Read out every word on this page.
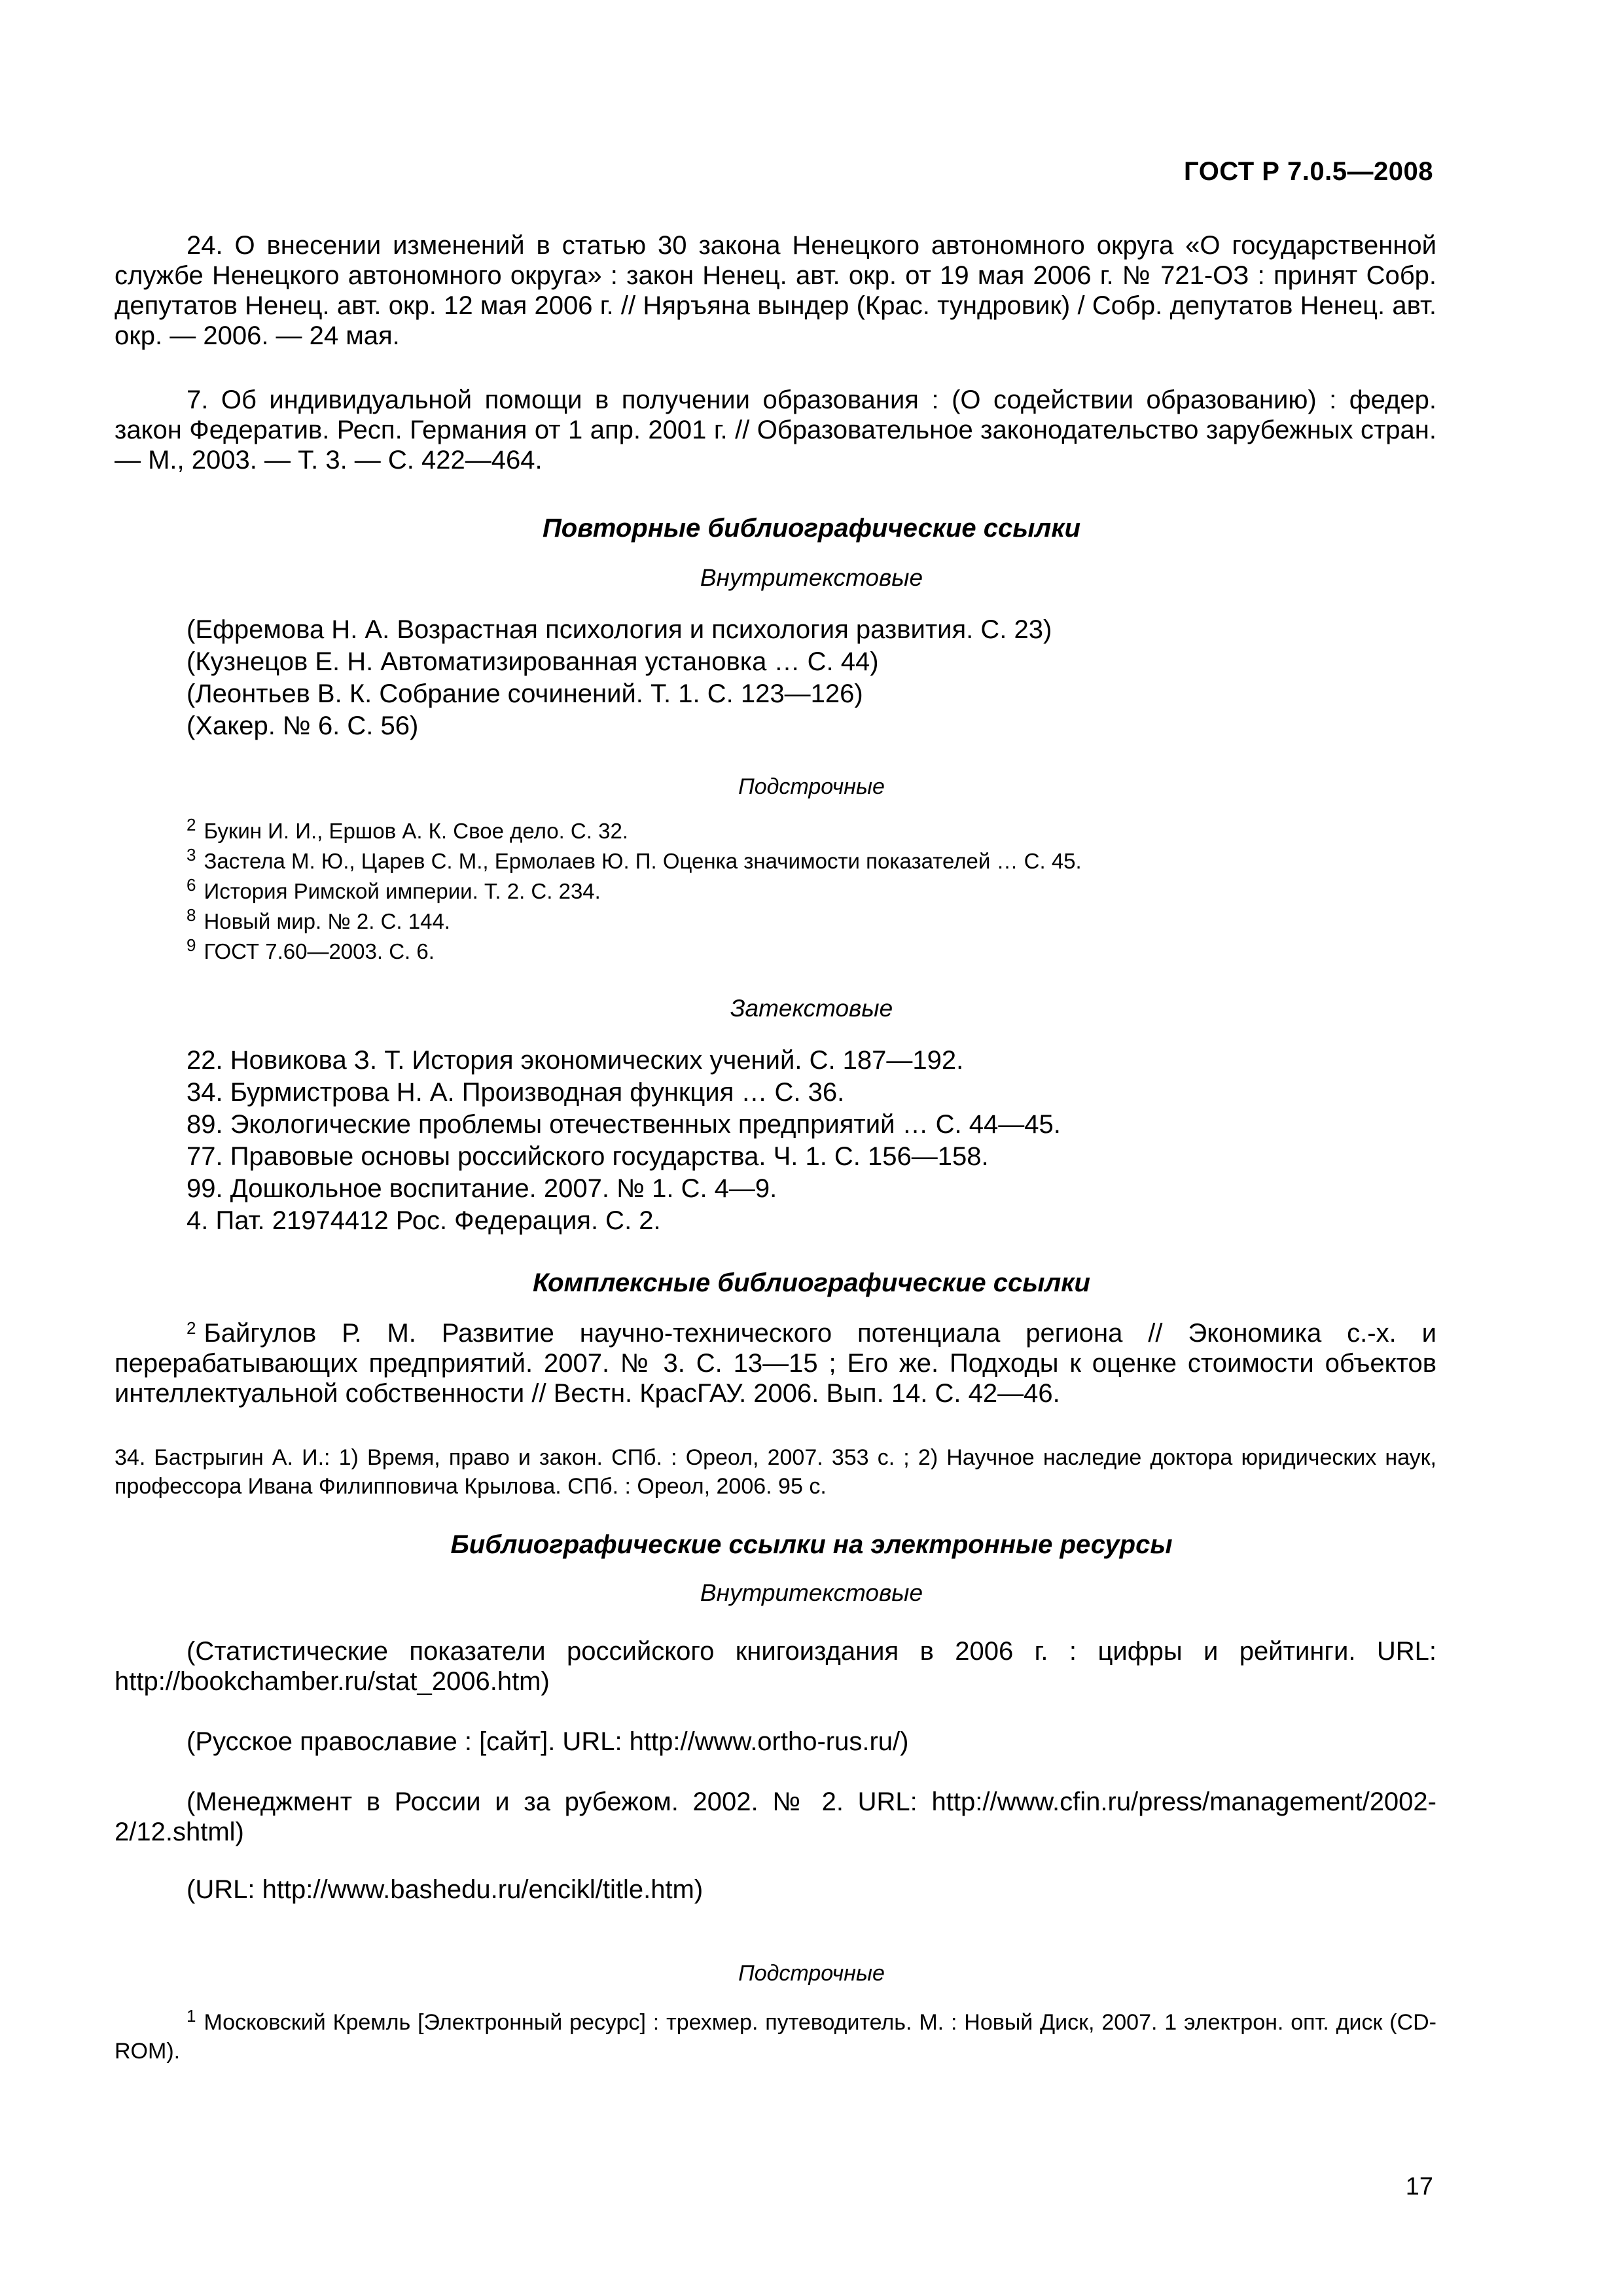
ГОСТ Р 7.0.5—2008
24. О внесении изменений в статью 30 закона Ненецкого автономного округа «О государственной службе Ненецкого автономного округа» : закон Ненец. авт. окр. от 19 мая 2006 г. № 721-ОЗ : принят Собр. депутатов Ненец. авт. окр. 12 мая 2006 г. // Няръяна вындер (Крас. тундровик) / Собр. депутатов Ненец. авт. окр. — 2006. — 24 мая.
7. Об индивидуальной помощи в получении образования : (О содействии образованию) : федер. закон Федератив. Респ. Германия от 1 апр. 2001 г. // Образовательное законодательство зарубежных стран. — М., 2003. — Т. 3. — С. 422—464.
Повторные библиографические ссылки
Внутритекстовые
(Ефремова Н. А. Возрастная психология и психология развития. С. 23)
(Кузнецов Е. Н. Автоматизированная установка … С. 44)
(Леонтьев В. К. Собрание сочинений. Т. 1. С. 123—126)
(Хакер. № 6. С. 56)
Подстрочные
$^2$ Букин И. И., Ершов А. К. Свое дело. С. 32.
$^3$ Застела М. Ю., Царев С. М., Ермолаев Ю. П. Оценка значимости показателей … С. 45.
$^6$ История Римской империи. Т. 2. С. 234.
$^8$ Новый мир. № 2. С. 144.
$^9$ ГОСТ 7.60—2003. С. 6.
Затекстовые
22. Новикова З. Т. История экономических учений. С. 187—192.
34. Бурмистрова Н. А. Производная функция … С. 36.
89. Экологические проблемы отечественных предприятий … С. 44—45.
77. Правовые основы российского государства. Ч. 1. С. 156—158.
99. Дошкольное воспитание. 2007. № 1. С. 4—9.
4. Пат. 21974412 Рос. Федерация. С. 2.
Комплексные библиографические ссылки
$^2$ Байгулов Р. М. Развитие научно-технического потенциала региона // Экономика с.-х. и перерабатывающих предприятий. 2007. № 3. С. 13—15 ; Его же. Подходы к оценке стоимости объектов интеллектуальной собственности // Вестн. КрасГАУ. 2006. Вып. 14. С. 42—46.
34. Бастрыгин А. И.: 1) Время, право и закон. СПб. : Ореол, 2007. 353 с. ; 2) Научное наследие доктора юридических наук, профессора Ивана Филипповича Крылова. СПб. : Ореол, 2006. 95 с.
Библиографические ссылки на электронные ресурсы
Внутритекстовые
(Статистические показатели российского книгоиздания в 2006 г. : цифры и рейтинги. URL: http://bookchamber.ru/stat_2006.htm)
(Русское православие : [сайт]. URL: http://www.ortho-rus.ru/)
(Менеджмент в России и за рубежом. 2002. № 2. URL: http://www.cfin.ru/press/management/2002-2/12.shtml)
(URL: http://www.bashedu.ru/encikl/title.htm)
Подстрочные
$^1$ Московский Кремль [Электронный ресурс] : трехмер. путеводитель. М. : Новый Диск, 2007. 1 электрон. опт. диск (CD-ROM).
17
